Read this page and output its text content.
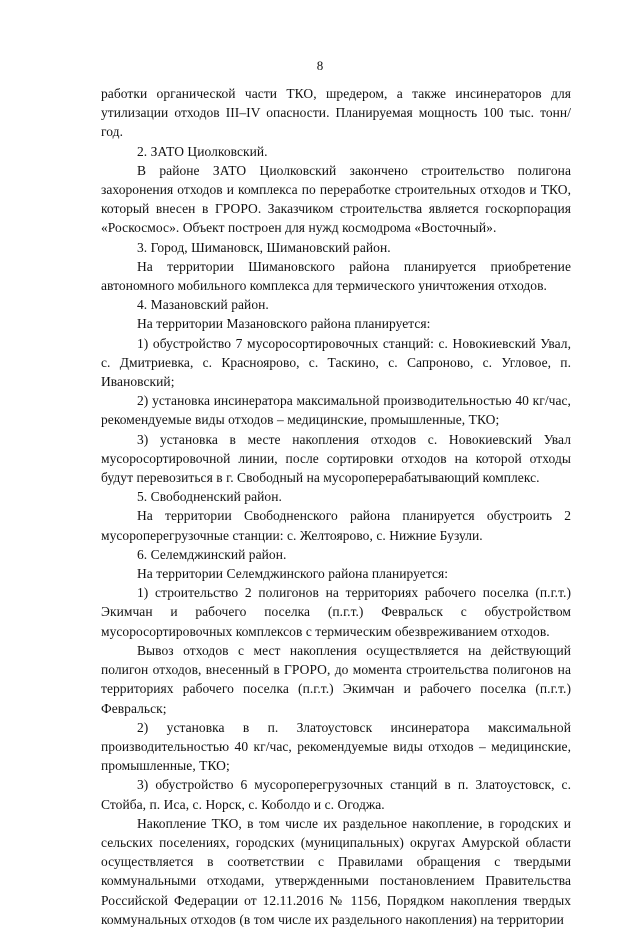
8

работки органической части ТКО, шредером, а также инсинераторов для утилизации отходов III–IV опасности. Планируемая мощность 100 тыс. тонн/год.

2. ЗАТО Циолковский.

В районе ЗАТО Циолковский закончено строительство полигона захоронения отходов и комплекса по переработке строительных отходов и ТКО, который внесен в ГРОРО. Заказчиком строительства является госкорпорация «Роскосмос». Объект построен для нужд космодрома «Восточный».

3. Город, Шимановск, Шимановский район.

На территории Шимановского района планируется приобретение автономного мобильного комплекса для термического уничтожения отходов.

4. Мазановский район.

На территории Мазановского района планируется:

1) обустройство 7 мусоросортировочных станций: с. Новокиевский Увал, с. Дмитриевка, с. Красноярово, с. Таскино, с. Сапроново, с. Угловое, п. Ивановский;

2) установка инсинератора максимальной производительностью 40 кг/час, рекомендуемые виды отходов – медицинские, промышленные, ТКО;

3) установка в месте накопления отходов с. Новокиевский Увал мусоросортировочной линии, после сортировки отходов на которой отходы будут перевозиться в г. Свободный на мусороперерабатывающий комплекс.

5. Свободненский район.

На территории Свободненского района планируется обустроить 2 мусороперегрузочные станции: с. Желтоярово, с. Нижние Бузули.

6. Селемджинский район.

На территории Селемджинского района планируется:

1) строительство 2 полигонов на территориях рабочего поселка (п.г.т.) Экимчан и рабочего поселка (п.г.т.) Февральск с обустройством мусоросортировочных комплексов с термическим обезвреживанием отходов.

Вывоз отходов с мест накопления осуществляется на действующий полигон отходов, внесенный в ГРОРО, до момента строительства полигонов на территориях рабочего поселка (п.г.т.) Экимчан и рабочего поселка (п.г.т.) Февральск;

2) установка в п. Златоустовск инсинератора максимальной производительностью 40 кг/час, рекомендуемые виды отходов – медицинские, промышленные, ТКО;

3) обустройство 6 мусороперегрузочных станций в п. Златоустовск, с. Стойба, п. Иса, с. Норск, с. Коболдо и с. Огоджа.

Накопление ТКО, в том числе их раздельное накопление, в городских и сельских поселениях, городских (муниципальных) округах Амурской области осуществляется в соответствии с Правилами обращения с твердыми коммунальными отходами, утвержденными постановлением Правительства Российской Федерации от 12.11.2016 № 1156, Порядком накопления твердых коммунальных отходов (в том числе их раздельного накопления) на территории
